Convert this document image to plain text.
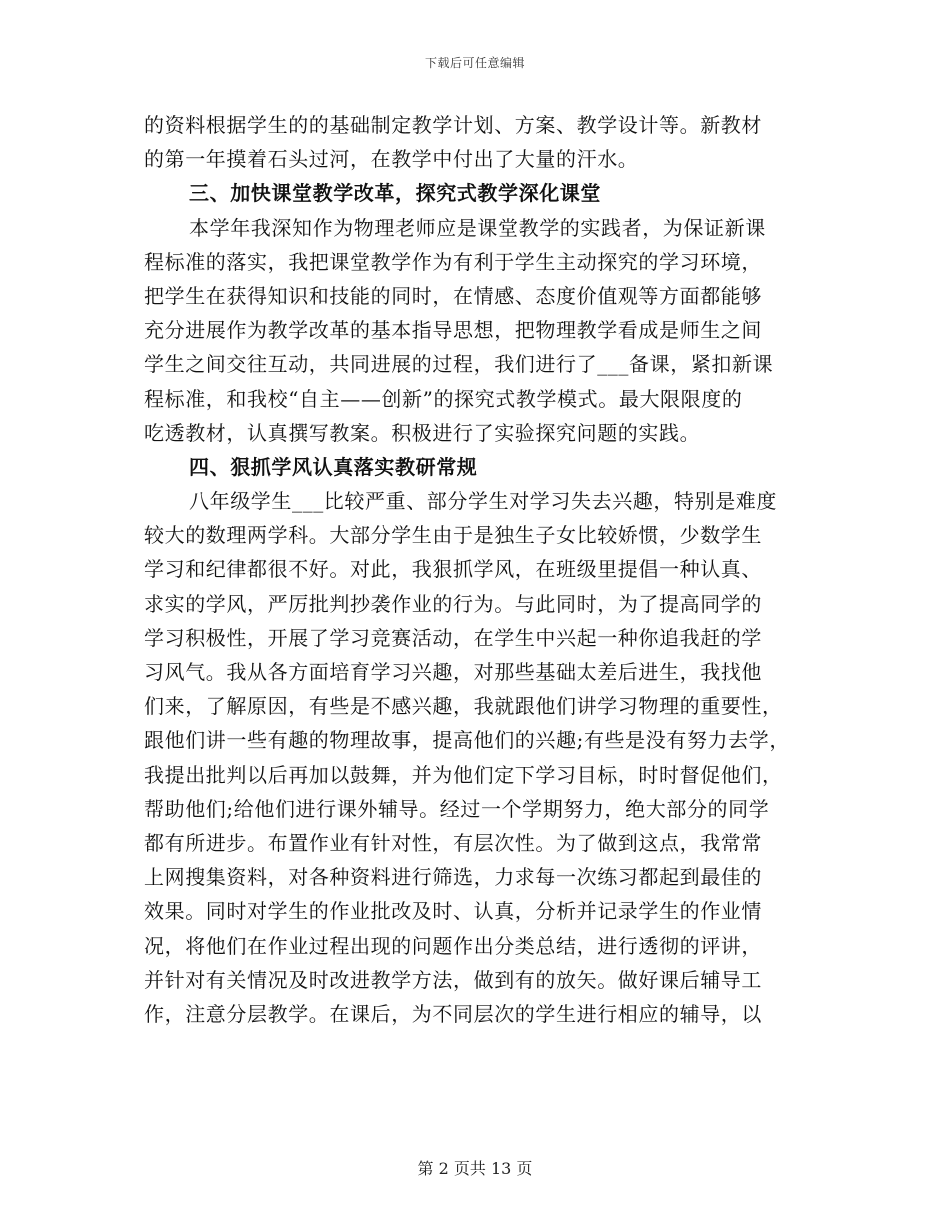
下载后可任意编辑
的资料根据学生的的基础制定教学计划、方案、教学设计等。新教材
的第一年摸着石头过河，在教学中付出了大量的汗水。
三、加快课堂教学改革，探究式教学深化课堂
本学年我深知作为物理老师应是课堂教学的实践者，为保证新课
程标准的落实，我把课堂教学作为有利于学生主动探究的学习环境，
把学生在获得知识和技能的同时，在情感、态度价值观等方面都能够
充分进展作为教学改革的基本指导思想，把物理教学看成是师生之间
学生之间交往互动，共同进展的过程，我们进行了___备课，紧扣新课
程标准，和我校“自主——创新”的探究式教学模式。最大限限度的
吃透教材，认真撰写教案。积极进行了实验探究问题的实践。
四、狠抓学风认真落实教研常规
八年级学生___比较严重、部分学生对学习失去兴趣，特别是难度
较大的数理两学科。大部分学生由于是独生子女比较娇惯，少数学生
学习和纪律都很不好。对此，我狠抓学风，在班级里提倡一种认真、
求实的学风，严厉批判抄袭作业的行为。与此同时，为了提高同学的
学习积极性，开展了学习竞赛活动，在学生中兴起一种你追我赶的学
习风气。我从各方面培育学习兴趣，对那些基础太差后进生，我找他
们来，了解原因，有些是不感兴趣，我就跟他们讲学习物理的重要性，
跟他们讲一些有趣的物理故事，提高他们的兴趣;有些是没有努力去学，
我提出批判以后再加以鼓舞，并为他们定下学习目标，时时督促他们，
帮助他们;给他们进行课外辅导。经过一个学期努力，绝大部分的同学
都有所进步。布置作业有针对性，有层次性。为了做到这点，我常常
上网搜集资料，对各种资料进行筛选，力求每一次练习都起到最佳的
效果。同时对学生的作业批改及时、认真，分析并记录学生的作业情
况，将他们在作业过程出现的问题作出分类总结，进行透彻的评讲，
并针对有关情况及时改进教学方法，做到有的放矢。做好课后辅导工
作，注意分层教学。在课后，为不同层次的学生进行相应的辅导，以
第 2 页共 13 页
